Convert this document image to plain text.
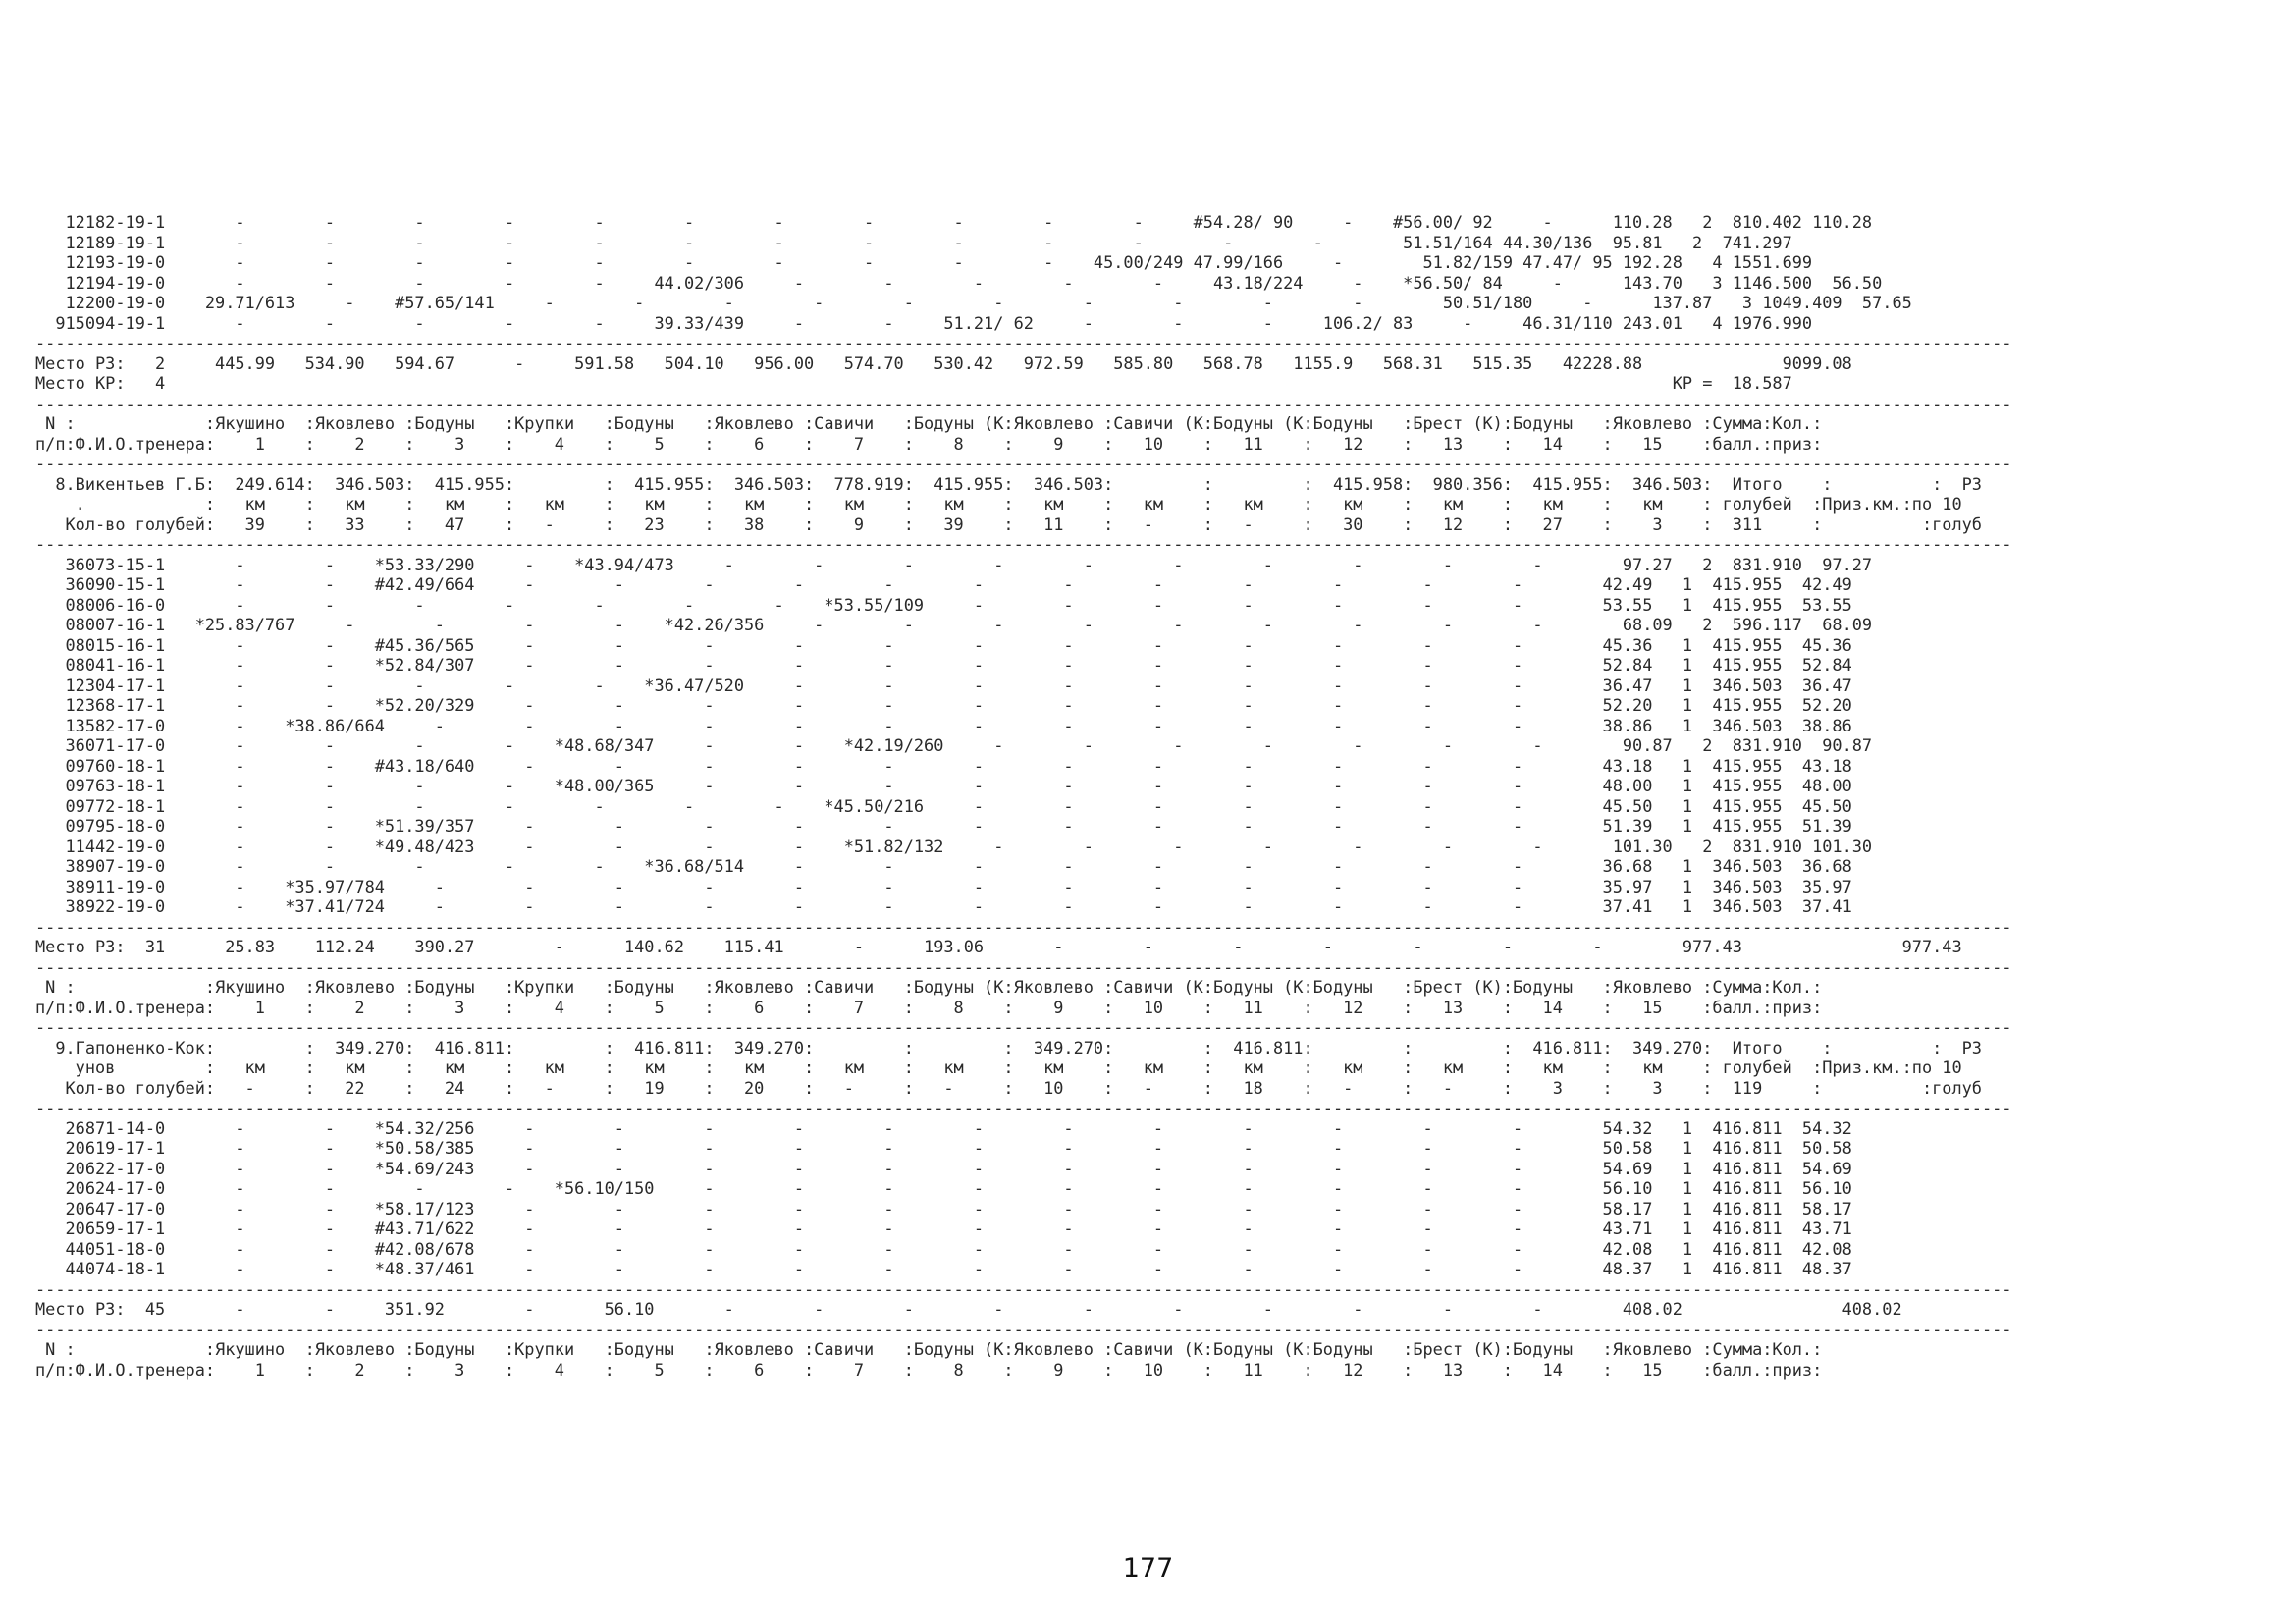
12182-19-1       -        -        -        -        -        -        -        -        -        -        -     #54.28/ 90     -    #56.00/ 92     -      110.28   2  810.402 110.28
12189-19-1       -        -        -        -        -        -        -        -        -        -        -        -        -        51.51/164 44.30/136  95.81   2  741.297
12193-19-0       -        -        -        -        -        -        -        -        -        -    45.00/249 47.99/166     -        51.82/159 47.47/ 95 192.28   4 1551.699
12194-19-0       -        -        -        -        -     44.02/306     -        -        -        -        -     43.18/224     -    *56.50/ 84     -      143.70   3 1146.500  56.50
12200-19-0    29.71/613     -    #57.65/141     -        -        -        -        -        -        -        -        -        -        50.51/180     -      137.87   3 1049.409  57.65
915094-19-1       -        -        -        -        -     39.33/439     -        -     51.21/ 62     -        -        -     106.2/ 83     -     46.31/110 243.01   4 1976.990
------------------------------------------------------------------------------------------------------------------------------------------------------------------------------------------------------
Место РЗ:   2     445.99   534.90   594.67      -     591.58   504.10   956.00   574.70   530.42   972.59   585.80   568.78   1155.9   568.31   515.35   42228.88              9099.08
Место КР:   4                                                                                                                                                       КР =  18.587
------------------------------------------------------------------------------------------------------------------------------------------------------------------------------------------------------
N :             :Якушино  :Яковлево :Бодуны   :Крупки   :Бодуны   :Яковлево :Савичи   :Бодуны (К:Яковлево :Савичи (К:Бодуны (К:Бодуны   :Брест (К):Бодуны   :Яковлево :Сумма:Кол.:
п/п:Ф.И.О.тренера:    1    :    2    :    3    :    4    :    5    :    6    :    7    :    8    :    9    :   10    :   11    :   12    :   13    :   14    :   15    :балл.:приз:
------------------------------------------------------------------------------------------------------------------------------------------------------------------------------------------------------
8.Викентьев Г.Б:  249.614:  346.503:  415.955:         :  415.955:  346.503:  778.919:  415.955:  346.503:         :         :  415.958:  980.356:  415.955:  346.503:  Итого    :          :  РЗ
.            :   км    :   км    :   км    :   км    :   км    :   км    :   км    :   км    :   км    :   км    :   км    :   км    :   км    :   км    :   км    : голубей  :Приз.км.:по 10
Кол-во голубей:   39    :   33    :   47    :   -     :   23    :   38    :    9    :   39    :   11    :   -     :   -     :   30    :   12    :   27    :    3    :  311     :          :голуб
------------------------------------------------------------------------------------------------------------------------------------------------------------------------------------------------------
36073-15-1       -        -    *53.33/290     -    *43.94/473     -        -        -        -        -        -        -        -        -        -        97.27   2  831.910  97.27
36090-15-1       -        -    #42.49/664     -        -        -        -        -        -        -        -        -        -        -        -        42.49   1  415.955  42.49
08006-16-0       -        -        -        -        -        -        -    *53.55/109     -        -        -        -        -        -        -        53.55   1  415.955  53.55
08007-16-1   *25.83/767     -        -        -        -    *42.26/356     -        -        -        -        -        -        -        -        -        68.09   2  596.117  68.09
08015-16-1       -        -    #45.36/565     -        -        -        -        -        -        -        -        -        -        -        -        45.36   1  415.955  45.36
08041-16-1       -        -    *52.84/307     -        -        -        -        -        -        -        -        -        -        -        -        52.84   1  415.955  52.84
12304-17-1       -        -        -        -        -    *36.47/520     -        -        -        -        -        -        -        -        -        36.47   1  346.503  36.47
12368-17-1       -        -    *52.20/329     -        -        -        -        -        -        -        -        -        -        -        -        52.20   1  415.955  52.20
13582-17-0       -    *38.86/664     -        -        -        -        -        -        -        -        -        -        -        -        -        38.86   1  346.503  38.86
36071-17-0       -        -        -        -    *48.68/347     -        -    *42.19/260     -        -        -        -        -        -        -        90.87   2  831.910  90.87
09760-18-1       -        -    #43.18/640     -        -        -        -        -        -        -        -        -        -        -        -        43.18   1  415.955  43.18
09763-18-1       -        -        -        -    *48.00/365     -        -        -        -        -        -        -        -        -        -        48.00   1  415.955  48.00
09772-18-1       -        -        -        -        -        -        -    *45.50/216     -        -        -        -        -        -        -        45.50   1  415.955  45.50
09795-18-0       -        -    *51.39/357     -        -        -        -        -        -        -        -        -        -        -        -        51.39   1  415.955  51.39
11442-19-0       -        -    *49.48/423     -        -        -        -    *51.82/132     -        -        -        -        -        -        -       101.30   2  831.910 101.30
38907-19-0       -        -        -        -        -    *36.68/514     -        -        -        -        -        -        -        -        -        36.68   1  346.503  36.68
38911-19-0       -    *35.97/784     -        -        -        -        -        -        -        -        -        -        -        -        -        35.97   1  346.503  35.97
38922-19-0       -    *37.41/724     -        -        -        -        -        -        -        -        -        -        -        -        -        37.41   1  346.503  37.41
------------------------------------------------------------------------------------------------------------------------------------------------------------------------------------------------------
Место РЗ:  31      25.83    112.24    390.27        -      140.62    115.41       -      193.06       -        -        -        -        -        -        -        977.43                977.43
------------------------------------------------------------------------------------------------------------------------------------------------------------------------------------------------------
N :             :Якушино  :Яковлево :Бодуны   :Крупки   :Бодуны   :Яковлево :Савичи   :Бодуны (К:Яковлево :Савичи (К:Бодуны (К:Бодуны   :Брест (К):Бодуны   :Яковлево :Сумма:Кол.:
п/п:Ф.И.О.тренера:    1    :    2    :    3    :    4    :    5    :    6    :    7    :    8    :    9    :   10    :   11    :   12    :   13    :   14    :   15    :балл.:приз:
------------------------------------------------------------------------------------------------------------------------------------------------------------------------------------------------------
9.Гапоненко-Кок:         :  349.270:  416.811:         :  416.811:  349.270:         :         :  349.270:         :  416.811:         :         :  416.811:  349.270:  Итого    :          :  РЗ
унов         :   км    :   км    :   км    :   км    :   км    :   км    :   км    :   км    :   км    :   км    :   км    :   км    :   км    :   км    :   км    : голубей  :Приз.км.:по 10
Кол-во голубей:   -     :   22    :   24    :   -     :   19    :   20    :   -     :   -     :   10    :   -     :   18    :   -     :   -     :    3    :    3    :  119     :          :голуб
------------------------------------------------------------------------------------------------------------------------------------------------------------------------------------------------------
26871-14-0       -        -    *54.32/256     -        -        -        -        -        -        -        -        -        -        -        -        54.32   1  416.811  54.32
20619-17-1       -        -    *50.58/385     -        -        -        -        -        -        -        -        -        -        -        -        50.58   1  416.811  50.58
20622-17-0       -        -    *54.69/243     -        -        -        -        -        -        -        -        -        -        -        -        54.69   1  416.811  54.69
20624-17-0       -        -        -        -    *56.10/150     -        -        -        -        -        -        -        -        -        -        56.10   1  416.811  56.10
20647-17-0       -        -    *58.17/123     -        -        -        -        -        -        -        -        -        -        -        -        58.17   1  416.811  58.17
20659-17-1       -        -    #43.71/622     -        -        -        -        -        -        -        -        -        -        -        -        43.71   1  416.811  43.71
44051-18-0       -        -    #42.08/678     -        -        -        -        -        -        -        -        -        -        -        -        42.08   1  416.811  42.08
44074-18-1       -        -    *48.37/461     -        -        -        -        -        -        -        -        -        -        -        -        48.37   1  416.811  48.37
------------------------------------------------------------------------------------------------------------------------------------------------------------------------------------------------------
Место РЗ:  45       -        -     351.92        -       56.10       -        -        -        -        -        -        -        -        -        -        408.02                408.02
------------------------------------------------------------------------------------------------------------------------------------------------------------------------------------------------------
N :             :Якушино  :Яковлево :Бодуны   :Крупки   :Бодуны   :Яковлево :Савичи   :Бодуны (К:Яковлево :Савичи (К:Бодуны (К:Бодуны   :Брест (К):Бодуны   :Яковлево :Сумма:Кол.:
п/п:Ф.И.О.тренера:    1    :    2    :    3    :    4    :    5    :    6    :    7    :    8    :    9    :   10    :   11    :   12    :   13    :   14    :   15    :балл.:приз:
177
